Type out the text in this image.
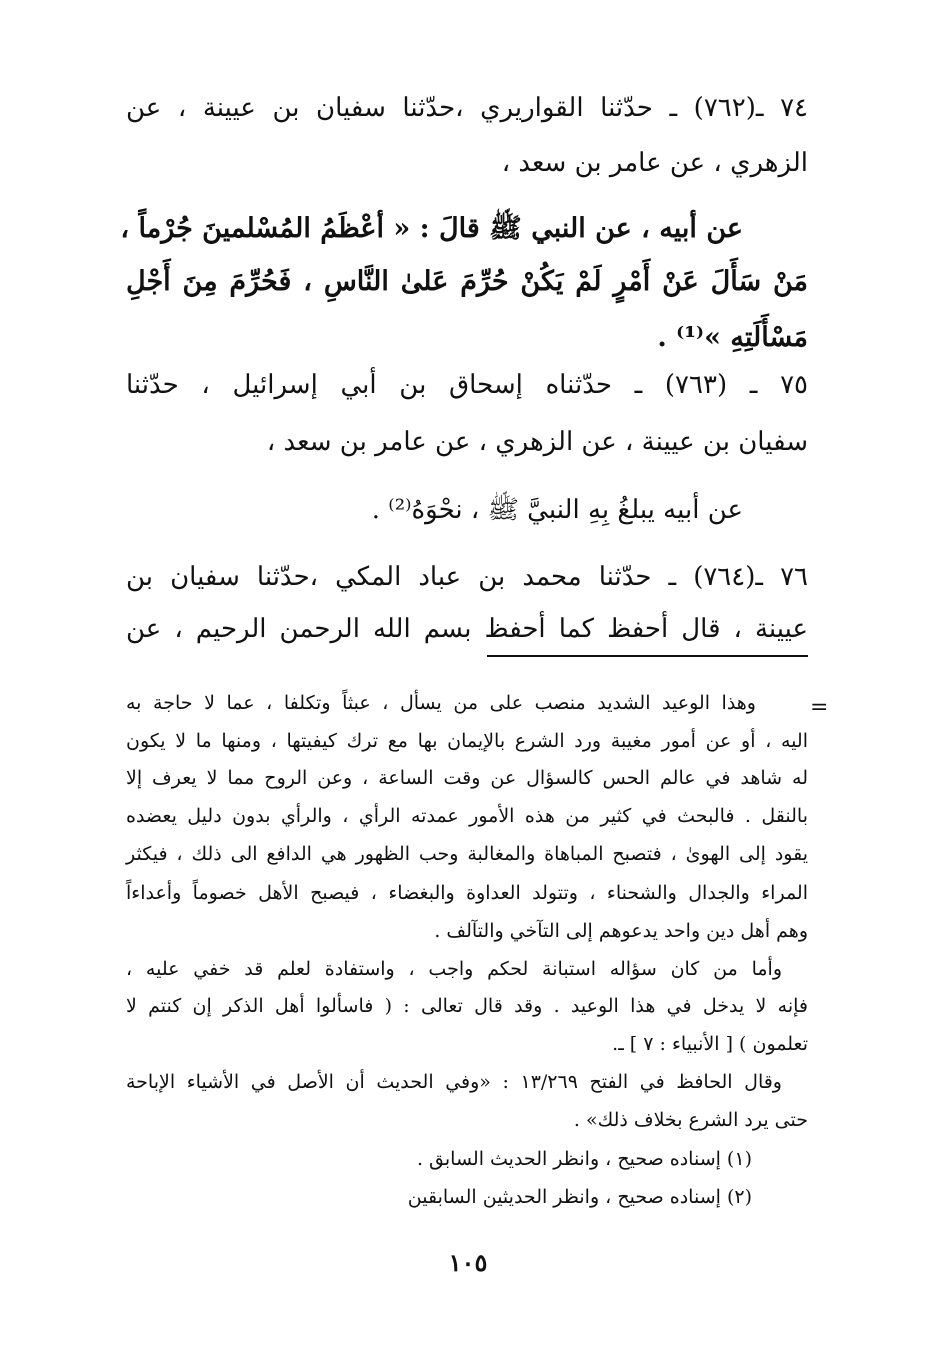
٧٤ ـ(٧٦٢) ـ حدّثنا القواريري ،حدّثنا سفيان بن عيينة ، عن
الزهري ، عن عامر بن سعد ،
عن أبيه ، عن النبي ﷺ قالَ : « أعْظَمُ المُسْلمينَ جُرْماً ،
مَنْ سَأَلَ عَنْ أَمْرٍ لَمْ يَكُنْ حُرِّمَ عَلىٰ النَّاسِ ، فَحُرِّمَ مِنَ أَجْلِ
مَسْأَلَتِهِ »⁽¹⁾ .
٧٥ ـ (٧٦٣) ـ حدّثناه إسحاق بن أبي إسرائيل ، حدّثنا
سفيان بن عيينة ، عن الزهري ، عن عامر بن سعد ،
عن أبيه يبلغُ بِهِ النبيَّ ﷺ ، نحْوَهُ⁽²⁾ .
٧٦ ـ(٧٦٤) ـ حدّثنا محمد بن عباد المكي ،حدّثنا سفيان بن
عيينة ، قال أحفظ كما أحفظ بسم الله الرحمن الرحيم ، عن
=
وهذا الوعيد الشديد منصب على من يسأل ، عبثاً وتكلفا ، عما لا حاجة به
اليه ، أو عن أمور مغيبة ورد الشرع بالإيمان بها مع ترك كيفيتها ، ومنها ما لا يكون
له شاهد في عالم الحس كالسؤال عن وقت الساعة ، وعن الروح مما لا يعرف إلا
بالنقل . فالبحث في كثير من هذه الأمور عمدته الرأي ، والرأي بدون دليل يعضده
يقود إلى الهوىٰ ، فتصبح المباهاة والمغالبة وحب الظهور هي الدافع الى ذلك ، فيكثر
المراء والجدال والشحناء ، وتتولد العداوة والبغضاء ، فيصبح الأهل خصوماً وأعداءاً
وهم أهل دين واحد يدعوهم إلى التآخي والتآلف .
وأما من كان سؤاله استبانة لحكم واجب ، واستفادة لعلم قد خفي عليه ،
فإنه لا يدخل في هذا الوعيد . وقد قال تعالى : ( فاسألوا أهل الذكر إن كنتم لا
تعلمون ) [ الأنبياء : ٧ ] ـ.
وقال الحافظ في الفتح ١٣/٢٦٩ : «وفي الحديث أن الأصل في الأشياء الإباحة
حتى يرد الشرع بخلاف ذلك» .
(١) إسناده صحيح ، وانظر الحديث السابق .
(٢) إسناده صحيح ، وانظر الحديثين السابقين
١٠٥
